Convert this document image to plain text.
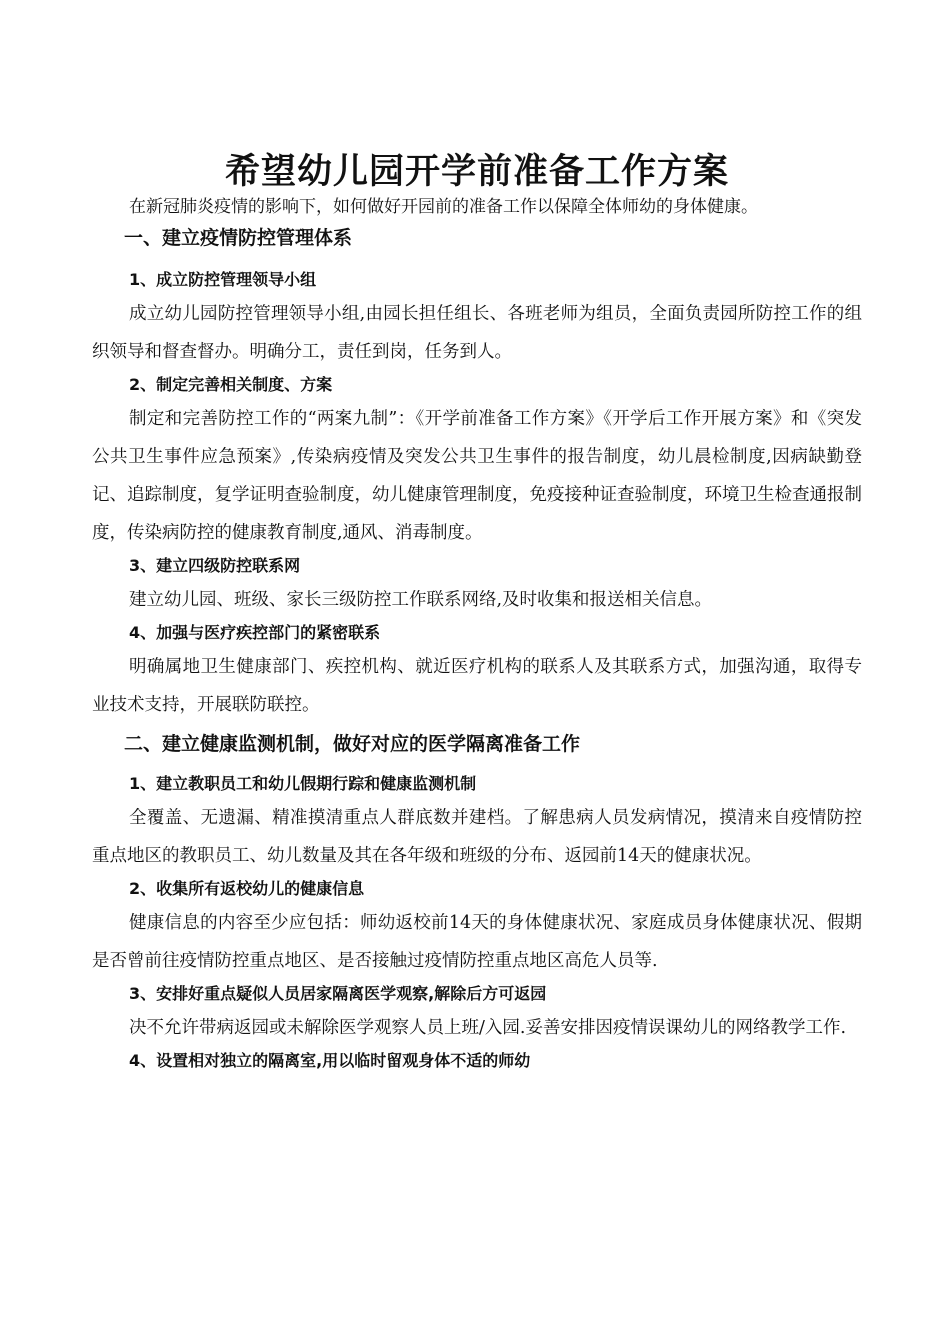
希望幼儿园开学前准备工作方案

在新冠肺炎疫情的影响下，如何做好开园前的准备工作以保障全体师幼的身体健康。

一、建立疫情防控管理体系
1、成立防控管理领导小组

成立幼儿园防控管理领导小组,由园长担任组长、各班老师为组员，全面负责园所防控工作的组织领导和督查督办。明确分工，责任到岗，任务到人。

2、制定完善相关制度、方案

制定和完善防控工作的“两案九制”：《开学前准备工作方案》《开学后工作开展方案》和《突发公共卫生事件应急预案》,传染病疫情及突发公共卫生事件的报告制度，幼儿晨检制度,因病缺勤登记、追踪制度，复学证明查验制度，幼儿健康管理制度，免疫接种证查验制度，环境卫生检查通报制度，传染病防控的健康教育制度,通风、消毒制度。

3、建立四级防控联系网

建立幼儿园、班级、家长三级防控工作联系网络,及时收集和报送相关信息。

4、加强与医疗疾控部门的紧密联系

明确属地卫生健康部门、疾控机构、就近医疗机构的联系人及其联系方式，加强沟通，取得专业技术支持，开展联防联控。

二、建立健康监测机制，做好对应的医学隔离准备工作
1、建立教职员工和幼儿假期行踪和健康监测机制

全覆盖、无遗漏、精准摸清重点人群底数并建档。了解患病人员发病情况，摸清来自疫情防控重点地区的教职员工、幼儿数量及其在各年级和班级的分布、返园前14天的健康状况。

2、收集所有返校幼儿的健康信息

健康信息的内容至少应包括：师幼返校前14天的身体健康状况、家庭成员身体健康状况、假期是否曾前往疫情防控重点地区、是否接触过疫情防控重点地区高危人员等.

3、安排好重点疑似人员居家隔离医学观察,解除后方可返园

决不允许带病返园或未解除医学观察人员上班/入园.妥善安排因疫情误课幼儿的网络教学工作.

4、设置相对独立的隔离室,用以临时留观身体不适的师幼
